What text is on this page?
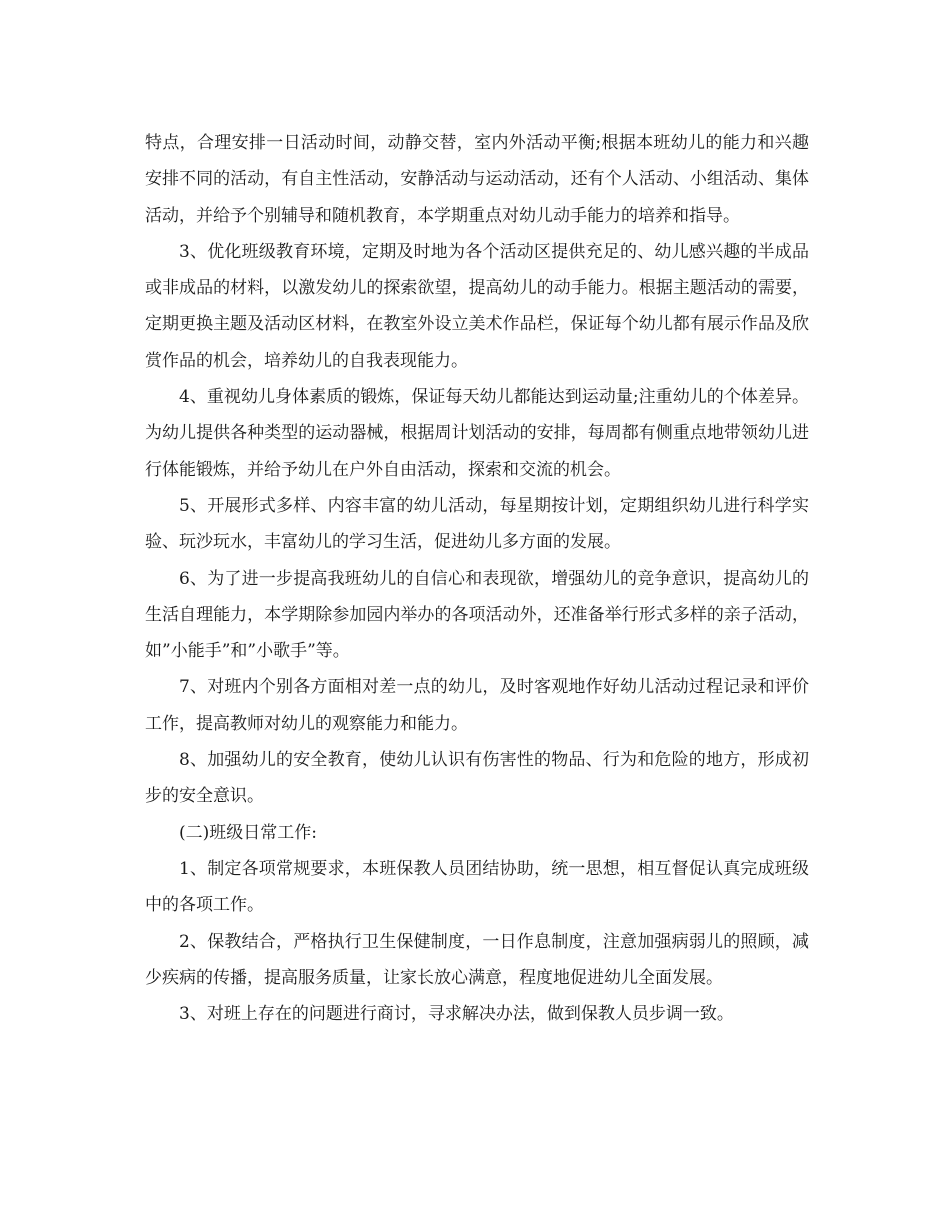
特点，合理安排一日活动时间，动静交替，室内外活动平衡;根据本班幼儿的能力和兴趣安排不同的活动，有自主性活动，安静活动与运动活动，还有个人活动、小组活动、集体活动，并给予个别辅导和随机教育，本学期重点对幼儿动手能力的培养和指导。

3、优化班级教育环境，定期及时地为各个活动区提供充足的、幼儿感兴趣的半成品或非成品的材料，以激发幼儿的探索欲望，提高幼儿的动手能力。根据主题活动的需要，定期更换主题及活动区材料，在教室外设立美术作品栏，保证每个幼儿都有展示作品及欣赏作品的机会，培养幼儿的自我表现能力。

4、重视幼儿身体素质的锻炼，保证每天幼儿都能达到运动量;注重幼儿的个体差异。为幼儿提供各种类型的运动器械，根据周计划活动的安排，每周都有侧重点地带领幼儿进行体能锻炼，并给予幼儿在户外自由活动，探索和交流的机会。

5、开展形式多样、内容丰富的幼儿活动，每星期按计划，定期组织幼儿进行科学实验、玩沙玩水，丰富幼儿的学习生活，促进幼儿多方面的发展。

6、为了进一步提高我班幼儿的自信心和表现欲，增强幼儿的竞争意识，提高幼儿的生活自理能力，本学期除参加园内举办的各项活动外，还准备举行形式多样的亲子活动，如”小能手”和”小歌手”等。

7、对班内个别各方面相对差一点的幼儿，及时客观地作好幼儿活动过程记录和评价工作，提高教师对幼儿的观察能力和能力。

8、加强幼儿的安全教育，使幼儿认识有伤害性的物品、行为和危险的地方，形成初步的安全意识。

(二)班级日常工作:

1、制定各项常规要求，本班保教人员团结协助，统一思想，相互督促认真完成班级中的各项工作。

2、保教结合，严格执行卫生保健制度，一日作息制度，注意加强病弱儿的照顾，减少疾病的传播，提高服务质量，让家长放心满意，程度地促进幼儿全面发展。

3、对班上存在的问题进行商讨，寻求解决办法，做到保教人员步调一致。
